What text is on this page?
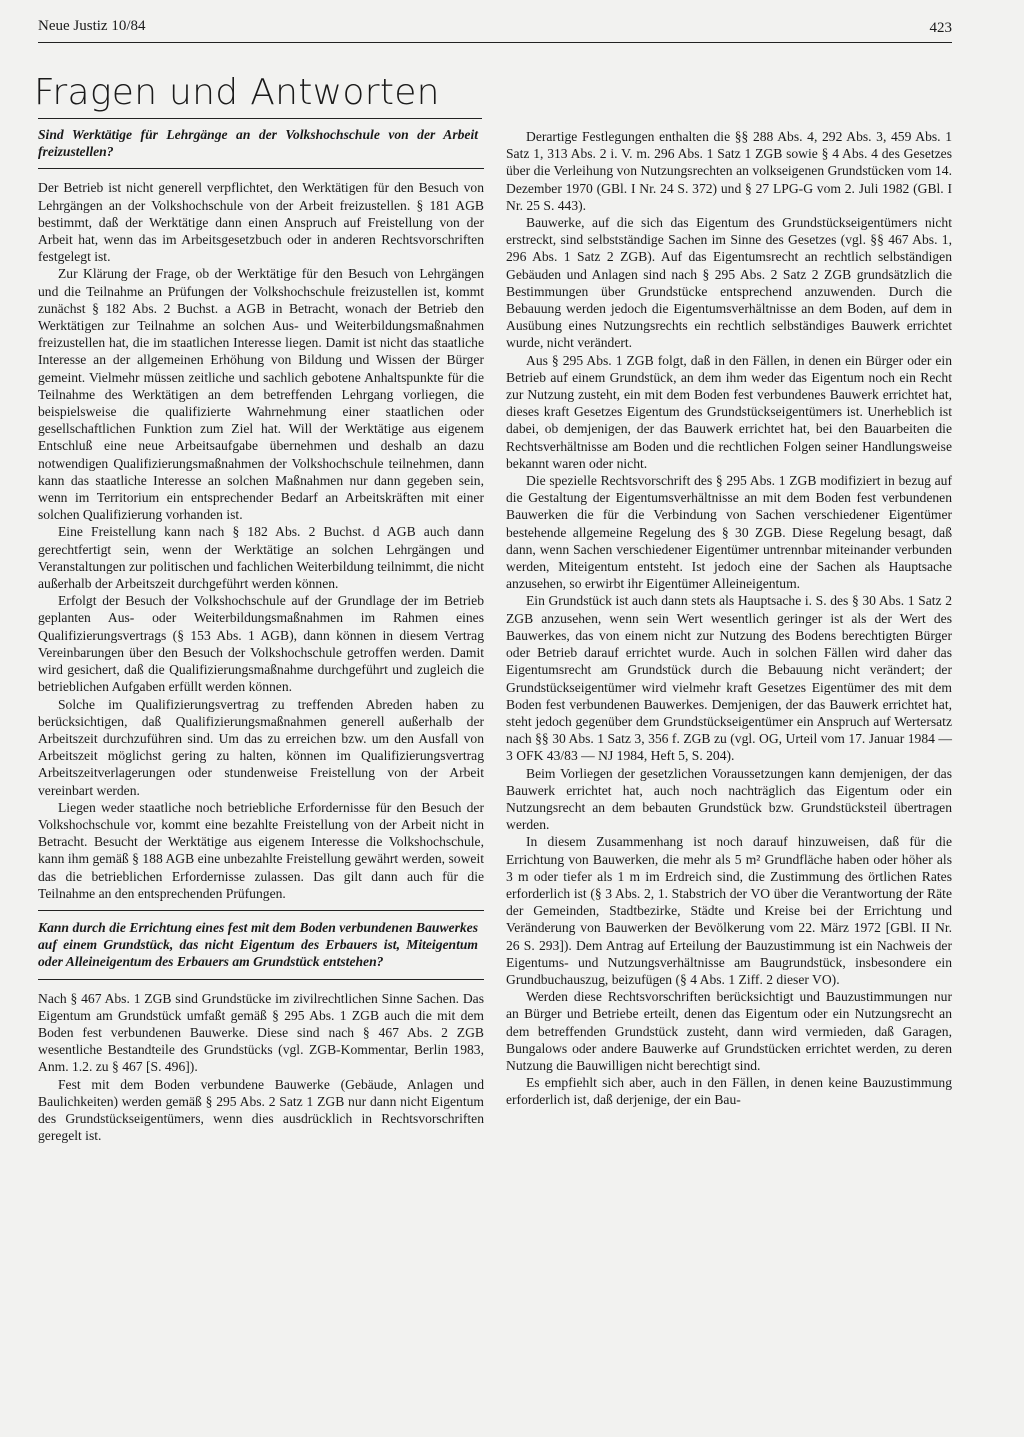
Neue Justiz 10/84	423
Fragen und Antworten
Sind Werktätige für Lehrgänge an der Volkshochschule von der Arbeit freizustellen?

Der Betrieb ist nicht generell verpflichtet, den Werktätigen für den Besuch von Lehrgängen an der Volkshochschule von der Arbeit freizustellen. § 181 AGB bestimmt, daß der Werktätige dann einen Anspruch auf Freistellung von der Arbeit hat, wenn das im Arbeitsgesetzbuch oder in anderen Rechtsvorschriften festgelegt ist.

Zur Klärung der Frage, ob der Werktätige für den Besuch von Lehrgängen und die Teilnahme an Prüfungen der Volkshochschule freizustellen ist, kommt zunächst § 182 Abs. 2 Buchst. a AGB in Betracht, wonach der Betrieb den Werktätigen zur Teilnahme an solchen Aus- und Weiterbildungsmaßnahmen freizustellen hat, die im staatlichen Interesse liegen. Damit ist nicht das staatliche Interesse an der allgemeinen Erhöhung von Bildung und Wissen der Bürger gemeint. Vielmehr müssen zeitliche und sachlich gebotene Anhaltspunkte für die Teilnahme des Werktätigen an dem betreffenden Lehrgang vorliegen, die beispielsweise die qualifizierte Wahrnehmung einer staatlichen oder gesellschaftlichen Funktion zum Ziel hat. Will der Werktätige aus eigenem Entschluß eine neue Arbeitsaufgabe übernehmen und deshalb an dazu notwendigen Qualifizierungsmaßnahmen der Volkshochschule teilnehmen, dann kann das staatliche Interesse an solchen Maßnahmen nur dann gegeben sein, wenn im Territorium ein entsprechender Bedarf an Arbeitskräften mit einer solchen Qualifizierung vorhanden ist.

Eine Freistellung kann nach § 182 Abs. 2 Buchst. d AGB auch dann gerechtfertigt sein, wenn der Werktätige an solchen Lehrgängen und Veranstaltungen zur politischen und fachlichen Weiterbildung teilnimmt, die nicht außerhalb der Arbeitszeit durchgeführt werden können.

Erfolgt der Besuch der Volkshochschule auf der Grundlage der im Betrieb geplanten Aus- oder Weiterbildungsmaßnahmen im Rahmen eines Qualifizierungsvertrags (§ 153 Abs. 1 AGB), dann können in diesem Vertrag Vereinbarungen über den Besuch der Volkshochschule getroffen werden. Damit wird gesichert, daß die Qualifizierungsmaßnahme durchgeführt und zugleich die betrieblichen Aufgaben erfüllt werden können.

Solche im Qualifizierungsvertrag zu treffenden Abreden haben zu berücksichtigen, daß Qualifizierungsmaßnahmen generell außerhalb der Arbeitszeit durchzuführen sind. Um das zu erreichen bzw. um den Ausfall von Arbeitszeit möglichst gering zu halten, können im Qualifizierungsvertrag Arbeitszeitverlagerungen oder stundenweise Freistellung von der Arbeit vereinbart werden.

Liegen weder staatliche noch betriebliche Erfordernisse für den Besuch der Volkshochschule vor, kommt eine bezahlte Freistellung von der Arbeit nicht in Betracht. Besucht der Werktätige aus eigenem Interesse die Volkshochschule, kann ihm gemäß § 188 AGB eine unbezahlte Freistellung gewährt werden, soweit das die betrieblichen Erfordernisse zulassen. Das gilt dann auch für die Teilnahme an den entsprechenden Prüfungen.

Kann durch die Errichtung eines fest mit dem Boden verbundenen Bauwerkes auf einem Grundstück, das nicht Eigentum des Erbauers ist, Miteigentum oder Alleineigentum des Erbauers am Grundstück entstehen?

Nach § 467 Abs. 1 ZGB sind Grundstücke im zivilrechtlichen Sinne Sachen. Das Eigentum am Grundstück umfaßt gemäß § 295 Abs. 1 ZGB auch die mit dem Boden fest verbundenen Bauwerke. Diese sind nach § 467 Abs. 2 ZGB wesentliche Bestandteile des Grundstücks (vgl. ZGB-Kommentar, Berlin 1983, Anm. 1.2. zu § 467 [S. 496]).

Fest mit dem Boden verbundene Bauwerke (Gebäude, Anlagen und Baulichkeiten) werden gemäß § 295 Abs. 2 Satz 1 ZGB nur dann nicht Eigentum des Grundstückseigentümers, wenn dies ausdrücklich in Rechtsvorschriften geregelt ist.

Derartige Festlegungen enthalten die §§ 288 Abs. 4, 292 Abs. 3, 459 Abs. 1 Satz 1, 313 Abs. 2 i. V. m. 296 Abs. 1 Satz 1 ZGB sowie § 4 Abs. 4 des Gesetzes über die Verleihung von Nutzungsrechten an volkseigenen Grundstücken vom 14. Dezember 1970 (GBl. I Nr. 24 S. 372) und § 27 LPG-G vom 2. Juli 1982 (GBl. I Nr. 25 S. 443).

Bauwerke, auf die sich das Eigentum des Grundstückseigentümers nicht erstreckt, sind selbstständige Sachen im Sinne des Gesetzes (vgl. §§ 467 Abs. 1, 296 Abs. 1 Satz 2 ZGB). Auf das Eigentumsrecht an rechtlich selbständigen Gebäuden und Anlagen sind nach § 295 Abs. 2 Satz 2 ZGB grundsätzlich die Bestimmungen über Grundstücke entsprechend anzuwenden. Durch die Bebauung werden jedoch die Eigentumsverhältnisse an dem Boden, auf dem in Ausübung eines Nutzungsrechts ein rechtlich selbständiges Bauwerk errichtet wurde, nicht verändert.

Aus § 295 Abs. 1 ZGB folgt, daß in den Fällen, in denen ein Bürger oder ein Betrieb auf einem Grundstück, an dem ihm weder das Eigentum noch ein Recht zur Nutzung zusteht, ein mit dem Boden fest verbundenes Bauwerk errichtet hat, dieses kraft Gesetzes Eigentum des Grundstückseigentümers ist. Unerheblich ist dabei, ob demjenigen, der das Bauwerk errichtet hat, bei den Bauarbeiten die Rechtsverhältnisse am Boden und die rechtlichen Folgen seiner Handlungsweise bekannt waren oder nicht.

Die spezielle Rechtsvorschrift des § 295 Abs. 1 ZGB modifiziert in bezug auf die Gestaltung der Eigentumsverhältnisse an mit dem Boden fest verbundenen Bauwerken die für die Verbindung von Sachen verschiedener Eigentümer bestehende allgemeine Regelung des § 30 ZGB. Diese Regelung besagt, daß dann, wenn Sachen verschiedener Eigentümer untrennbar miteinander verbunden werden, Miteigentum entsteht. Ist jedoch eine der Sachen als Hauptsache anzusehen, so erwirbt ihr Eigentümer Alleineigentum.

Ein Grundstück ist auch dann stets als Hauptsache i. S. des § 30 Abs. 1 Satz 2 ZGB anzusehen, wenn sein Wert wesentlich geringer ist als der Wert des Bauwerkes, das von einem nicht zur Nutzung des Bodens berechtigten Bürger oder Betrieb darauf errichtet wurde. Auch in solchen Fällen wird daher das Eigentumsrecht am Grundstück durch die Bebauung nicht verändert; der Grundstückseigentümer wird vielmehr kraft Gesetzes Eigentümer des mit dem Boden fest verbundenen Bauwerkes. Demjenigen, der das Bauwerk errichtet hat, steht jedoch gegenüber dem Grundstückseigentümer ein Anspruch auf Wertersatz nach §§ 30 Abs. 1 Satz 3, 356 f. ZGB zu (vgl. OG, Urteil vom 17. Januar 1984 — 3 OFK 43/83 — NJ 1984, Heft 5, S. 204).

Beim Vorliegen der gesetzlichen Voraussetzungen kann demjenigen, der das Bauwerk errichtet hat, auch noch nachträglich das Eigentum oder ein Nutzungsrecht an dem bebauten Grundstück bzw. Grundstücksteil übertragen werden.

In diesem Zusammenhang ist noch darauf hinzuweisen, daß für die Errichtung von Bauwerken, die mehr als 5 m² Grundfläche haben oder höher als 3 m oder tiefer als 1 m im Erdreich sind, die Zustimmung des örtlichen Rates erforderlich ist (§ 3 Abs. 2, 1. Stabstrich der VO über die Verantwortung der Räte der Gemeinden, Stadtbezirke, Städte und Kreise bei der Errichtung und Veränderung von Bauwerken der Bevölkerung vom 22. März 1972 [GBl. II Nr. 26 S. 293]). Dem Antrag auf Erteilung der Bauzustimmung ist ein Nachweis der Eigentums- und Nutzungsverhältnisse am Baugrundstück, insbesondere ein Grundbuchauszug, beizufügen (§ 4 Abs. 1 Ziff. 2 dieser VO).

Werden diese Rechtsvorschriften berücksichtigt und Bauzustimmungen nur an Bürger und Betriebe erteilt, denen das Eigentum oder ein Nutzungsrecht an dem betreffenden Grundstück zusteht, dann wird vermieden, daß Garagen, Bungalows oder andere Bauwerke auf Grundstücken errichtet werden, zu deren Nutzung die Bauwilligen nicht berechtigt sind.

Es empfiehlt sich aber, auch in den Fällen, in denen keine Bauzustimmung erforderlich ist, daß derjenige, der ein Bau-
